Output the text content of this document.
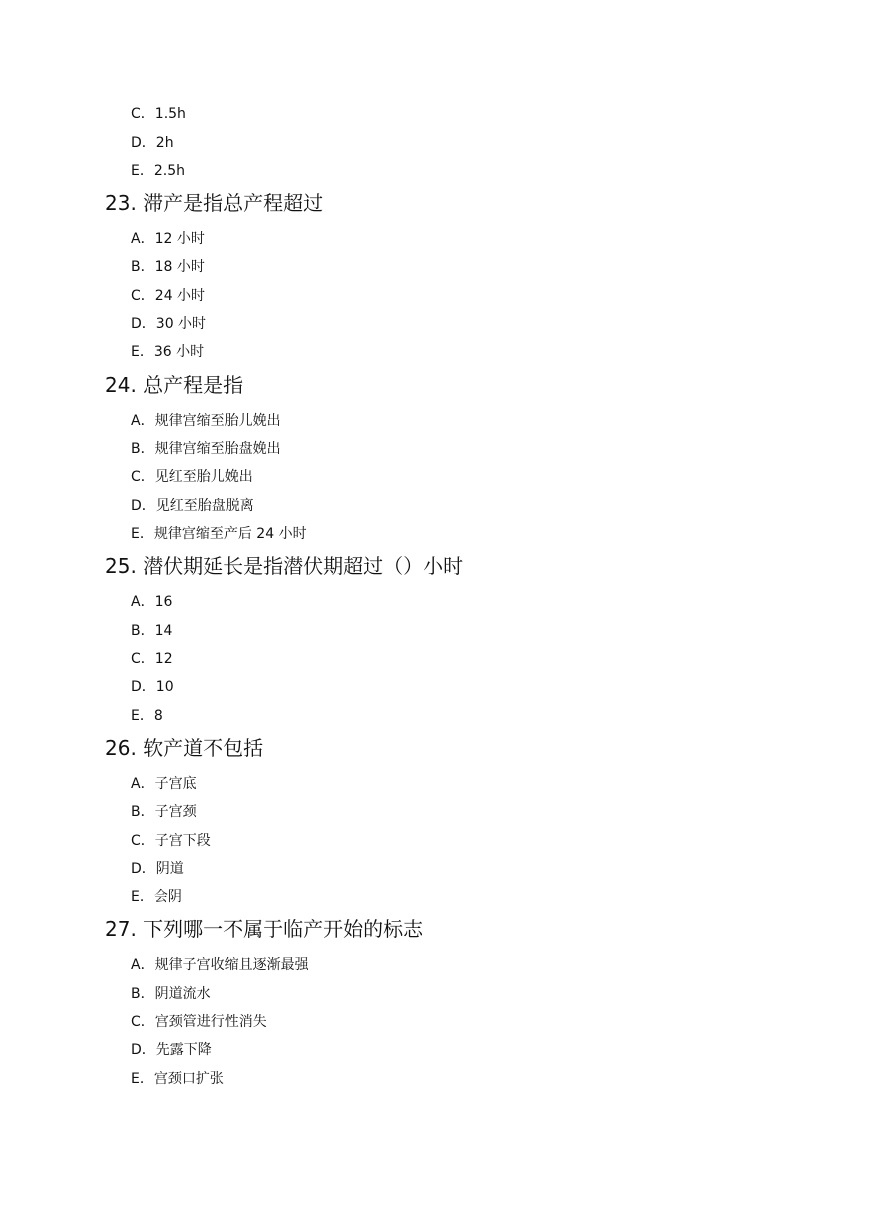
C．1.5h
D．2h
E．2.5h
23. 滞产是指总产程超过
A．12 小时
B．18 小时
C．24 小时
D．30 小时
E．36 小时
24. 总产程是指
A．规律宫缩至胎儿娩出
B．规律宫缩至胎盘娩出
C．见红至胎儿娩出
D．见红至胎盘脱离
E．规律宫缩至产后 24 小时
25. 潜伏期延长是指潜伏期超过（）小时
A．16
B．14
C．12
D．10
E．8
26. 软产道不包括
A．子宫底
B．子宫颈
C．子宫下段
D．阴道
E．会阴
27. 下列哪一不属于临产开始的标志
A．规律子宫收缩且逐渐最强
B．阴道流水
C．宫颈管进行性消失
D．先露下降
E．宫颈口扩张
